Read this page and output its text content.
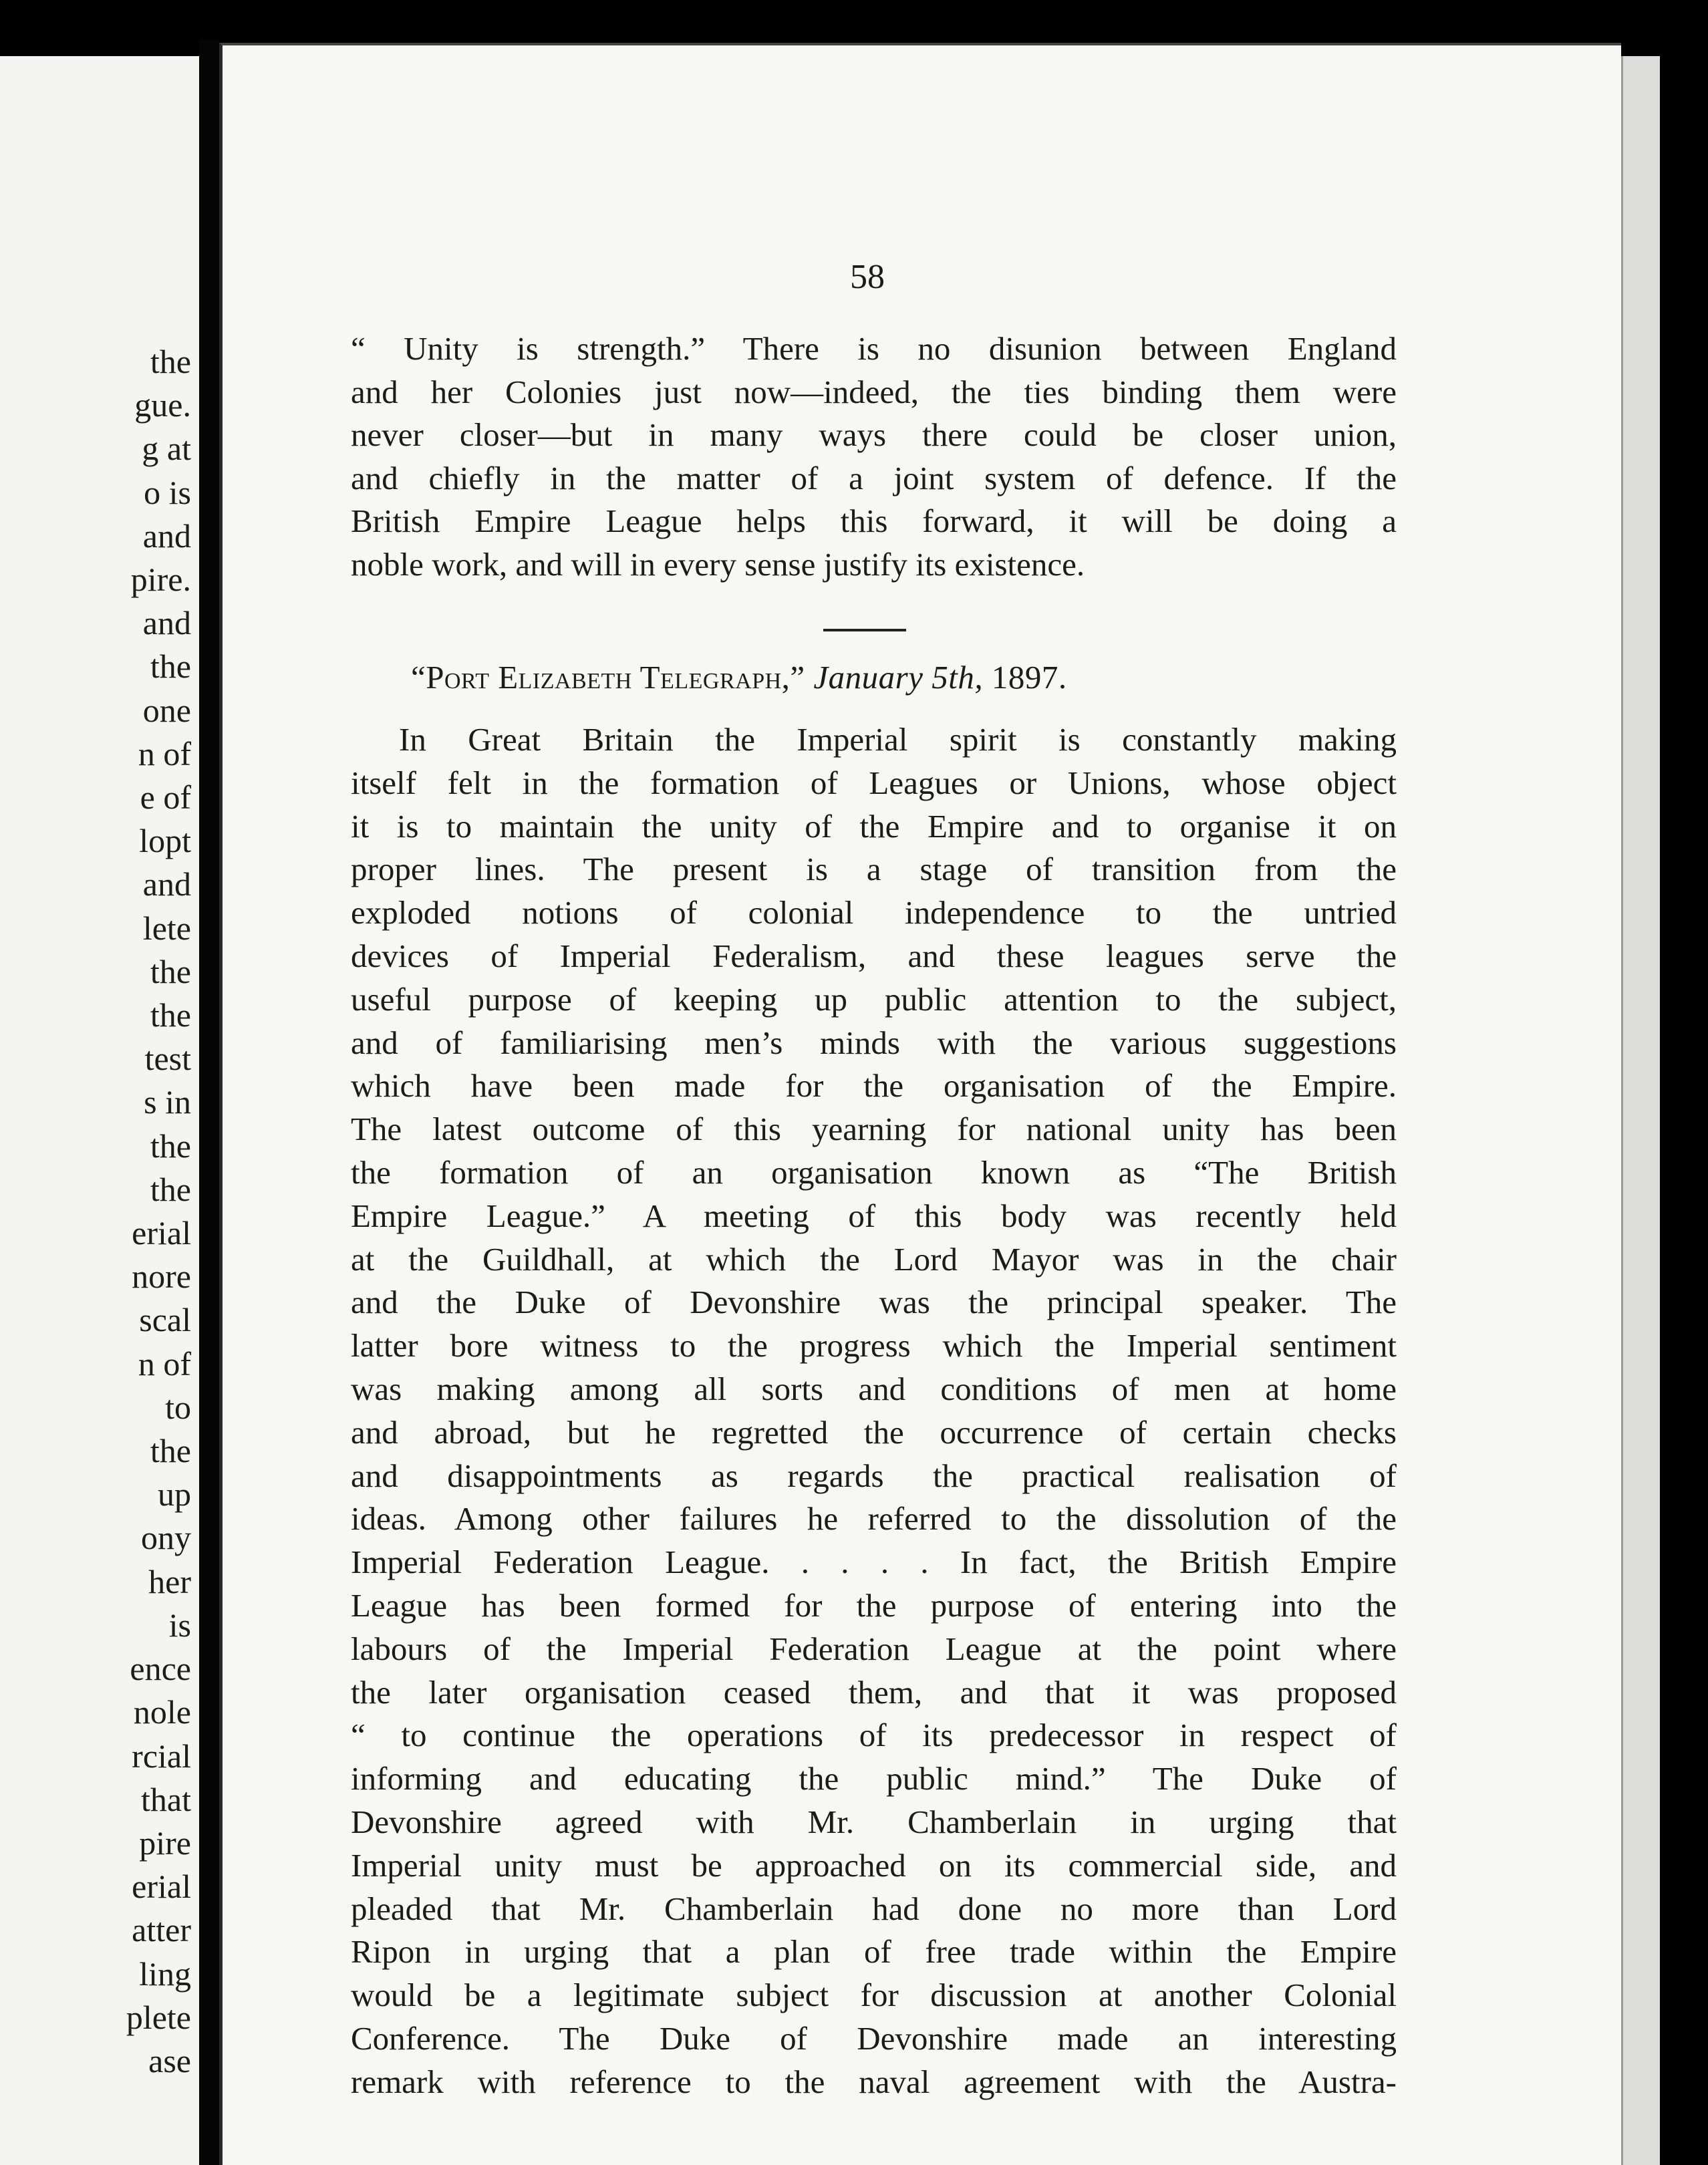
the
gue.
g at
o is
and
pire.
and
the
one
n of
e of
lopt
and
lete
the
the
test
s in
the
the
erial
nore
scal
n of
to
the
up
ony
her
is
ence
nole
rcial
that
pire
erial
atter
ling
plete
ase
58

“ Unity is strength.” There is no disunion between England
and her Colonies just now—indeed, the ties binding them were
never closer—but in many ways there could be closer union,
and chiefly in the matter of a joint system of defence. If the
British Empire League helps this forward, it will be doing a
noble work, and will in every sense justify its existence.

“Port Elizabeth Telegraph,” January 5th, 1897.

In Great Britain the Imperial spirit is constantly making
itself felt in the formation of Leagues or Unions, whose object
it is to maintain the unity of the Empire and to organise it on
proper lines. The present is a stage of transition from the
exploded notions of colonial independence to the untried
devices of Imperial Federalism, and these leagues serve the
useful purpose of keeping up public attention to the subject,
and of familiarising men’s minds with the various suggestions
which have been made for the organisation of the Empire.
The latest outcome of this yearning for national unity has been
the formation of an organisation known as “The British
Empire League.” A meeting of this body was recently held
at the Guildhall, at which the Lord Mayor was in the chair
and the Duke of Devonshire was the principal speaker. The
latter bore witness to the progress which the Imperial sentiment
was making among all sorts and conditions of men at home
and abroad, but he regretted the occurrence of certain checks
and disappointments as regards the practical realisation of
ideas. Among other failures he referred to the dissolution of the
Imperial Federation League. . . . . In fact, the British Empire
League has been formed for the purpose of entering into the
labours of the Imperial Federation League at the point where
the later organisation ceased them, and that it was proposed
“ to continue the operations of its predecessor in respect of
informing and educating the public mind.” The Duke of
Devonshire agreed with Mr. Chamberlain in urging that
Imperial unity must be approached on its commercial side, and
pleaded that Mr. Chamberlain had done no more than Lord
Ripon in urging that a plan of free trade within the Empire
would be a legitimate subject for discussion at another Colonial
Conference. The Duke of Devonshire made an interesting
remark with reference to the naval agreement with the Austra-
